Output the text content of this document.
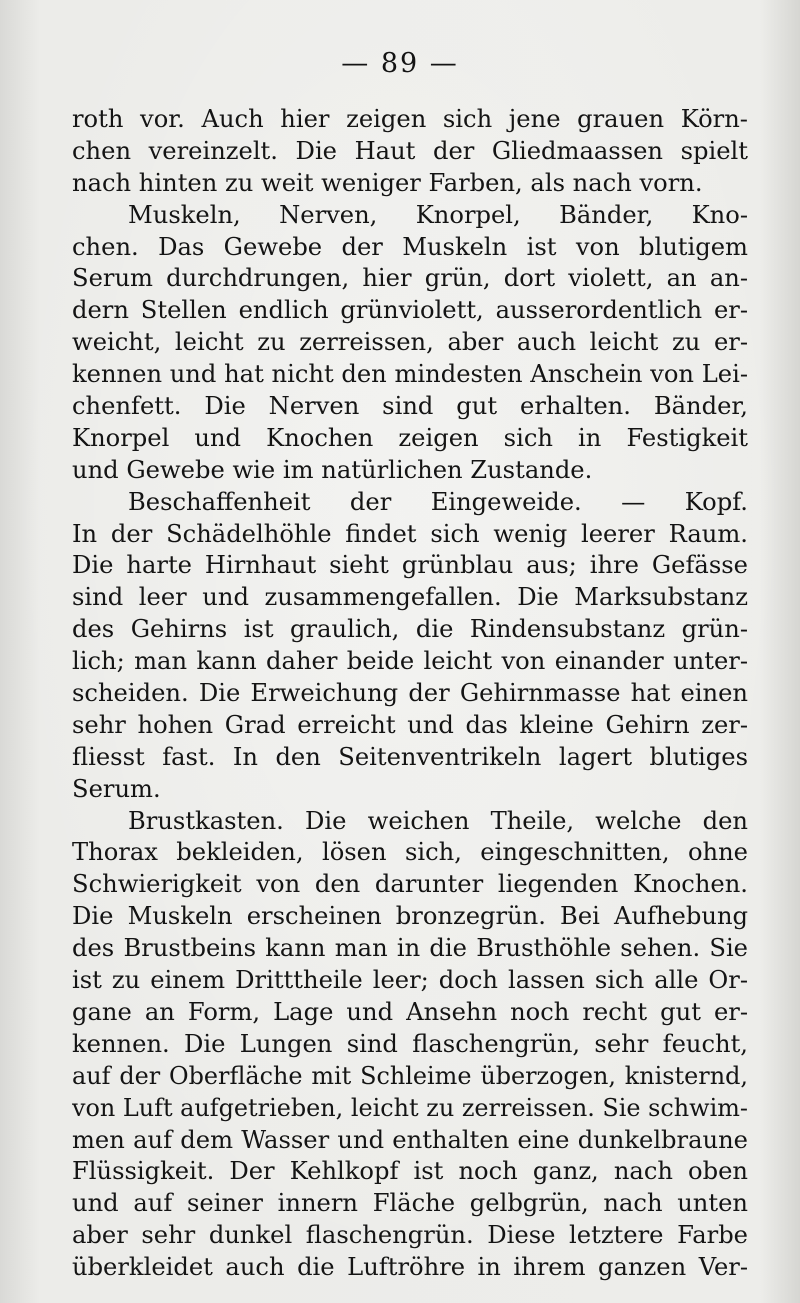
— 89 —
roth vor. Auch hier zeigen sich jene grauen Körn-
chen vereinzelt. Die Haut der Gliedmaassen spielt
nach hinten zu weit weniger Farben, als nach vorn.
Muskeln, Nerven, Knorpel, Bänder, Kno-
chen. Das Gewebe der Muskeln ist von blutigem
Serum durchdrungen, hier grün, dort violett, an an-
dern Stellen endlich grünviolett, ausserordentlich er-
weicht, leicht zu zerreissen, aber auch leicht zu er-
kennen und hat nicht den mindesten Anschein von Lei-
chenfett. Die Nerven sind gut erhalten. Bänder,
Knorpel und Knochen zeigen sich in Festigkeit
und Gewebe wie im natürlichen Zustande.
Beschaffenheit der Eingeweide. — Kopf.
In der Schädelhöhle findet sich wenig leerer Raum.
Die harte Hirnhaut sieht grünblau aus; ihre Gefässe
sind leer und zusammengefallen. Die Marksubstanz
des Gehirns ist graulich, die Rindensubstanz grün-
lich; man kann daher beide leicht von einander unter-
scheiden. Die Erweichung der Gehirnmasse hat einen
sehr hohen Grad erreicht und das kleine Gehirn zer-
fliesst fast. In den Seitenventrikeln lagert blutiges
Serum.
Brustkasten. Die weichen Theile, welche den
Thorax bekleiden, lösen sich, eingeschnitten, ohne
Schwierigkeit von den darunter liegenden Knochen.
Die Muskeln erscheinen bronzegrün. Bei Aufhebung
des Brustbeins kann man in die Brusthöhle sehen. Sie
ist zu einem Dritttheile leer; doch lassen sich alle Or-
gane an Form, Lage und Ansehn noch recht gut er-
kennen. Die Lungen sind flaschengrün, sehr feucht,
auf der Oberfläche mit Schleime überzogen, knisternd,
von Luft aufgetrieben, leicht zu zerreissen. Sie schwim-
men auf dem Wasser und enthalten eine dunkelbraune
Flüssigkeit. Der Kehlkopf ist noch ganz, nach oben
und auf seiner innern Fläche gelbgrün, nach unten
aber sehr dunkel flaschengrün. Diese letztere Farbe
überkleidet auch die Luftröhre in ihrem ganzen Ver-
